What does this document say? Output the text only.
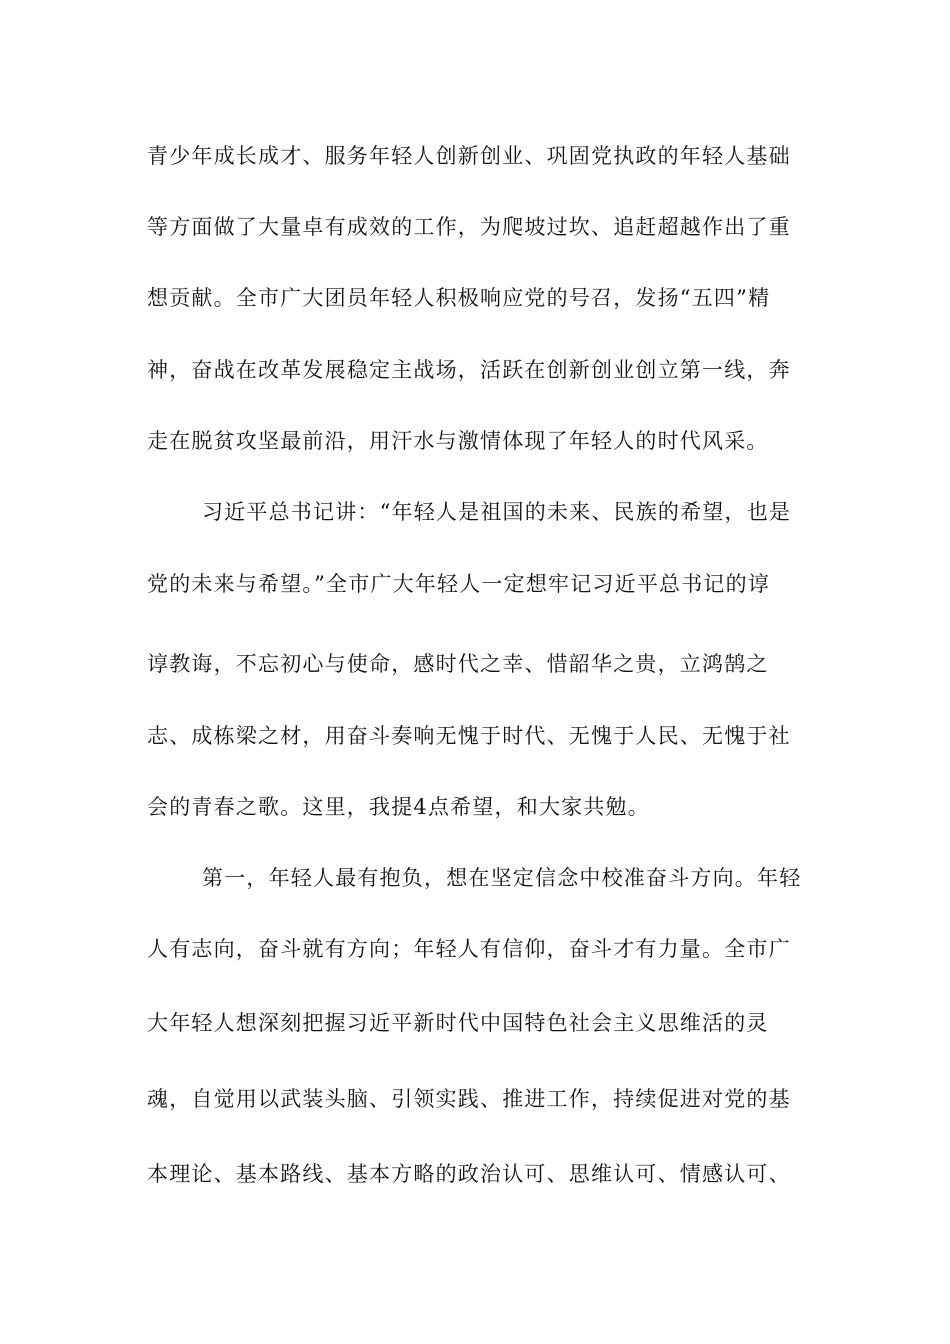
青少年成长成才、服务年轻人创新创业、巩固党执政的年轻人基础
等方面做了大量卓有成效的工作，为爬坡过坎、追赶超越作出了重
想贡献。全市广大团员年轻人积极响应党的号召，发扬“五四”精
神，奋战在改革发展稳定主战场，活跃在创新创业创立第一线，奔
走在脱贫攻坚最前沿，用汗水与激情体现了年轻人的时代风采。
习近平总书记讲：“年轻人是祖国的未来、民族的希望，也是
党的未来与希望。”全市广大年轻人一定想牢记习近平总书记的谆
谆教诲，不忘初心与使命，感时代之幸、惜韶华之贵，立鸿鹄之
志、成栋梁之材，用奋斗奏响无愧于时代、无愧于人民、无愧于社
会的青春之歌。这里，我提4点希望，和大家共勉。
第一，年轻人最有抱负，想在坚定信念中校准奋斗方向。年轻
人有志向，奋斗就有方向；年轻人有信仰，奋斗才有力量。全市广
大年轻人想深刻把握习近平新时代中国特色社会主义思维活的灵
魂，自觉用以武装头脑、引领实践、推进工作，持续促进对党的基
本理论、基本路线、基本方略的政治认可、思维认可、情感认可、
